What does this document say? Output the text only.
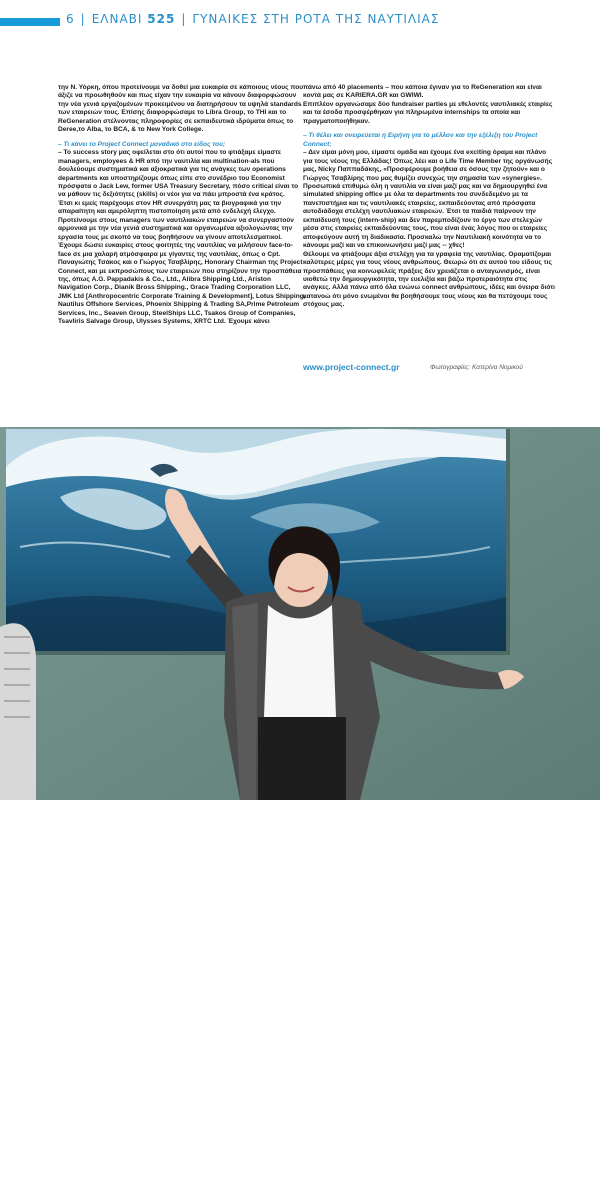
6 | ΕΛΝΑΒΙ 525 | ΓΥΝΑΙΚΕΣ ΣΤΗ ΡΟΤΑ ΤΗΣ ΝΑΥΤΙΛΙΑΣ

την Ν. Υόρκη, όπου προτείνουμε να δοθεί μια ευκαιρία σε κάποιους νέους που άξιζε να προωθηθούν και πως είχαν την ευκαιρία να κάνουν διαφορφώσουν την νέα γενιά εργαζομένων προκειμένου να διατηρήσουν τα υψηλά standards των εταιρειών τους. Επίσης διαφορφώσαμε το Libra Group, το THI και το ReGeneration στέλνοντας πληροφορίες σε εκπαιδευτικά ιδρύματα όπως το Deree,το Alba, το BCA, & το New York College.

– Τι κάνει το Project Connect μοναδικό στο είδος του;

– Το success story μας οφείλεται στο ότι αυτοί που το φτιάξαμε είμαστε managers, employees & HR από την ναυτιλία και multination-als που δουλεύουμε συστηματικά και αξιοκρατικά για τις ανάγκες των operations departments και υποστηρίζουμε όπως είπε στο συνέδριο του Economist πρόσφατα ο Jack Lew, former USA Treasury Secretary, πόσο critical είναι το να μάθουν τις δεξιότητες (skills) οι νέοι για να πάει μπροστά ένα κράτος.

Έτσι κι εμείς παρέχουμε στον HR συνεργάτη μας τα βιογραφικά για την απαραίτητη και αμερόληπτη πιστοποίηση μετά από ενδελεχή έλεγχο. Προτείνουμε στους managers των ναυτιλιακών εταιρειών να συνεργαστούν αρμονικά με την νέα γενιά συστηματικά και οργανωμένα αξιολογώντας την εργασία τους με σκοπό να τους βοηθήσουν να γίνουν αποτελεσματικοί.

Έχουμε δώσει ευκαιρίες στους φοιτητές της ναυτιλίας να μιλήσουν face-to-face σε μια χαλαρή ατμόσφαιρα με γίγαντες της ναυτιλίας, όπως ο Cpt. Παναγιώτης Τσάκος και ο Γιώργος Τσαβλίρης, Honorary Chairman της Project Connect, και με εκπροσώπους των εταιρειών που στηρίζουν την προσπάθεια της, όπως A.G. Pappadakis & Co., Ltd., Alibra Shipping Ltd., Ariston Navigation Corp., Dianik Bross Shipping., Grace Trading Corporation LLC, JMK Ltd [Anthropocentric Corporate Training & Development], Lotus Shipping, Nautilus Offshore Services, Phoenix Shipping & Trading SA,Prime Petroleum Services, Inc., Seaven Group, SteelShips LLC, Tsakos Group of Companies, Tsavliris Salvage Group, Ulysses Systems, XRTC Ltd. Έχουμε κάνει

πάνω από 40 placements – που κάποια έγιναν για το ReGeneration και είναι κοντά μας σε KARIERA.GR και GWIWI.

Επιπλέον οργανώσαμε δύο fundraiser parties με εθελοντές ναυτιλιακές εταιρίες και τα έσοδα προσφέρθηκαν για πληρωμένα internships τα οποία και πραγματοποιήθηκαν.

– Τι θέλει και ονειρεύεται η Ειρήνη για το μέλλον και την εξέλιξη του Project Connect;

– Δεν είμαι μόνη μου, είμαστε ομάδα και έχουμε ένα exciting όραμα και πλάνο για τους νέους της Ελλάδας! Όπως λέει και ο Life Time Member της οργάνωσής μας, Nicky Παππαδάκης, «Προσφέρουμε βοήθεια σε όσους την ζητούν» και ο Γιώργος Τσαβλίρης που μας θυμίζει συνεχώς την σημασία των «synergies».

Προσωπικά επιθυμώ όλη η ναυτιλία να είναι μαζί μας και να δημιουργηθεί ένα simulated shipping office με όλα τα departments του συνδεδεμένο με τα πανεπιστήμια και τις ναυτιλιακές εταιρείες, εκπαιδεύοντας από πρόσφατα αυτοδιάδοχα στελέχη ναυτιλιακών εταιρειών. Έτσι τα παιδιά παίρνουν την εκπαίδευσή τους (intern-ship) και δεν παρεμποδίζουν το έργο των στελεχών μέσα στις εταιρείες εκπαιδεύοντας τους, που είναι ένας λόγος που οι εταιρείες αποφεύγουν αυτή τη διαδικασία. Προσκαλώ την Ναυτιλιακή κοινότητα να το κάνουμε μαζί και να επικοινωνήσει μαζί μας -- χθες!

Θέλουμε να φτιάξουμε άξια στελέχη για τα γραφεία της ναυτιλίας. Οραματίζομαι καλύτερες μέρες για τους νέους ανθρώπους. Θεωρώ ότι σε αυτού του είδους τις προσπάθειες για κοινωφελείς πράξεις δεν χρειάζεται ο ανταγωνισμός, είναι υιοθετώ την δημιουργικότητα, την ευελιξία και βάζω προτεραιότητα στις ανάγκες. Αλλά πάνω από όλα ενώνω connect ανθρώπους, ιδέες και όνειρα διότι κατανοώ ότι μόνο ενωμένοι θα βοηθήσουμε τους νέους και θα πετύχουμε τους στόχους μας.

www.project-connect.gr	Φωτογραφίες: Κατερίνα Νομικού
Η ενασχόληση της Ειρήνης με το πετρέλαια την εμπνέει και έχει υιοθετήσει ως moto της το "Riding the waves"
